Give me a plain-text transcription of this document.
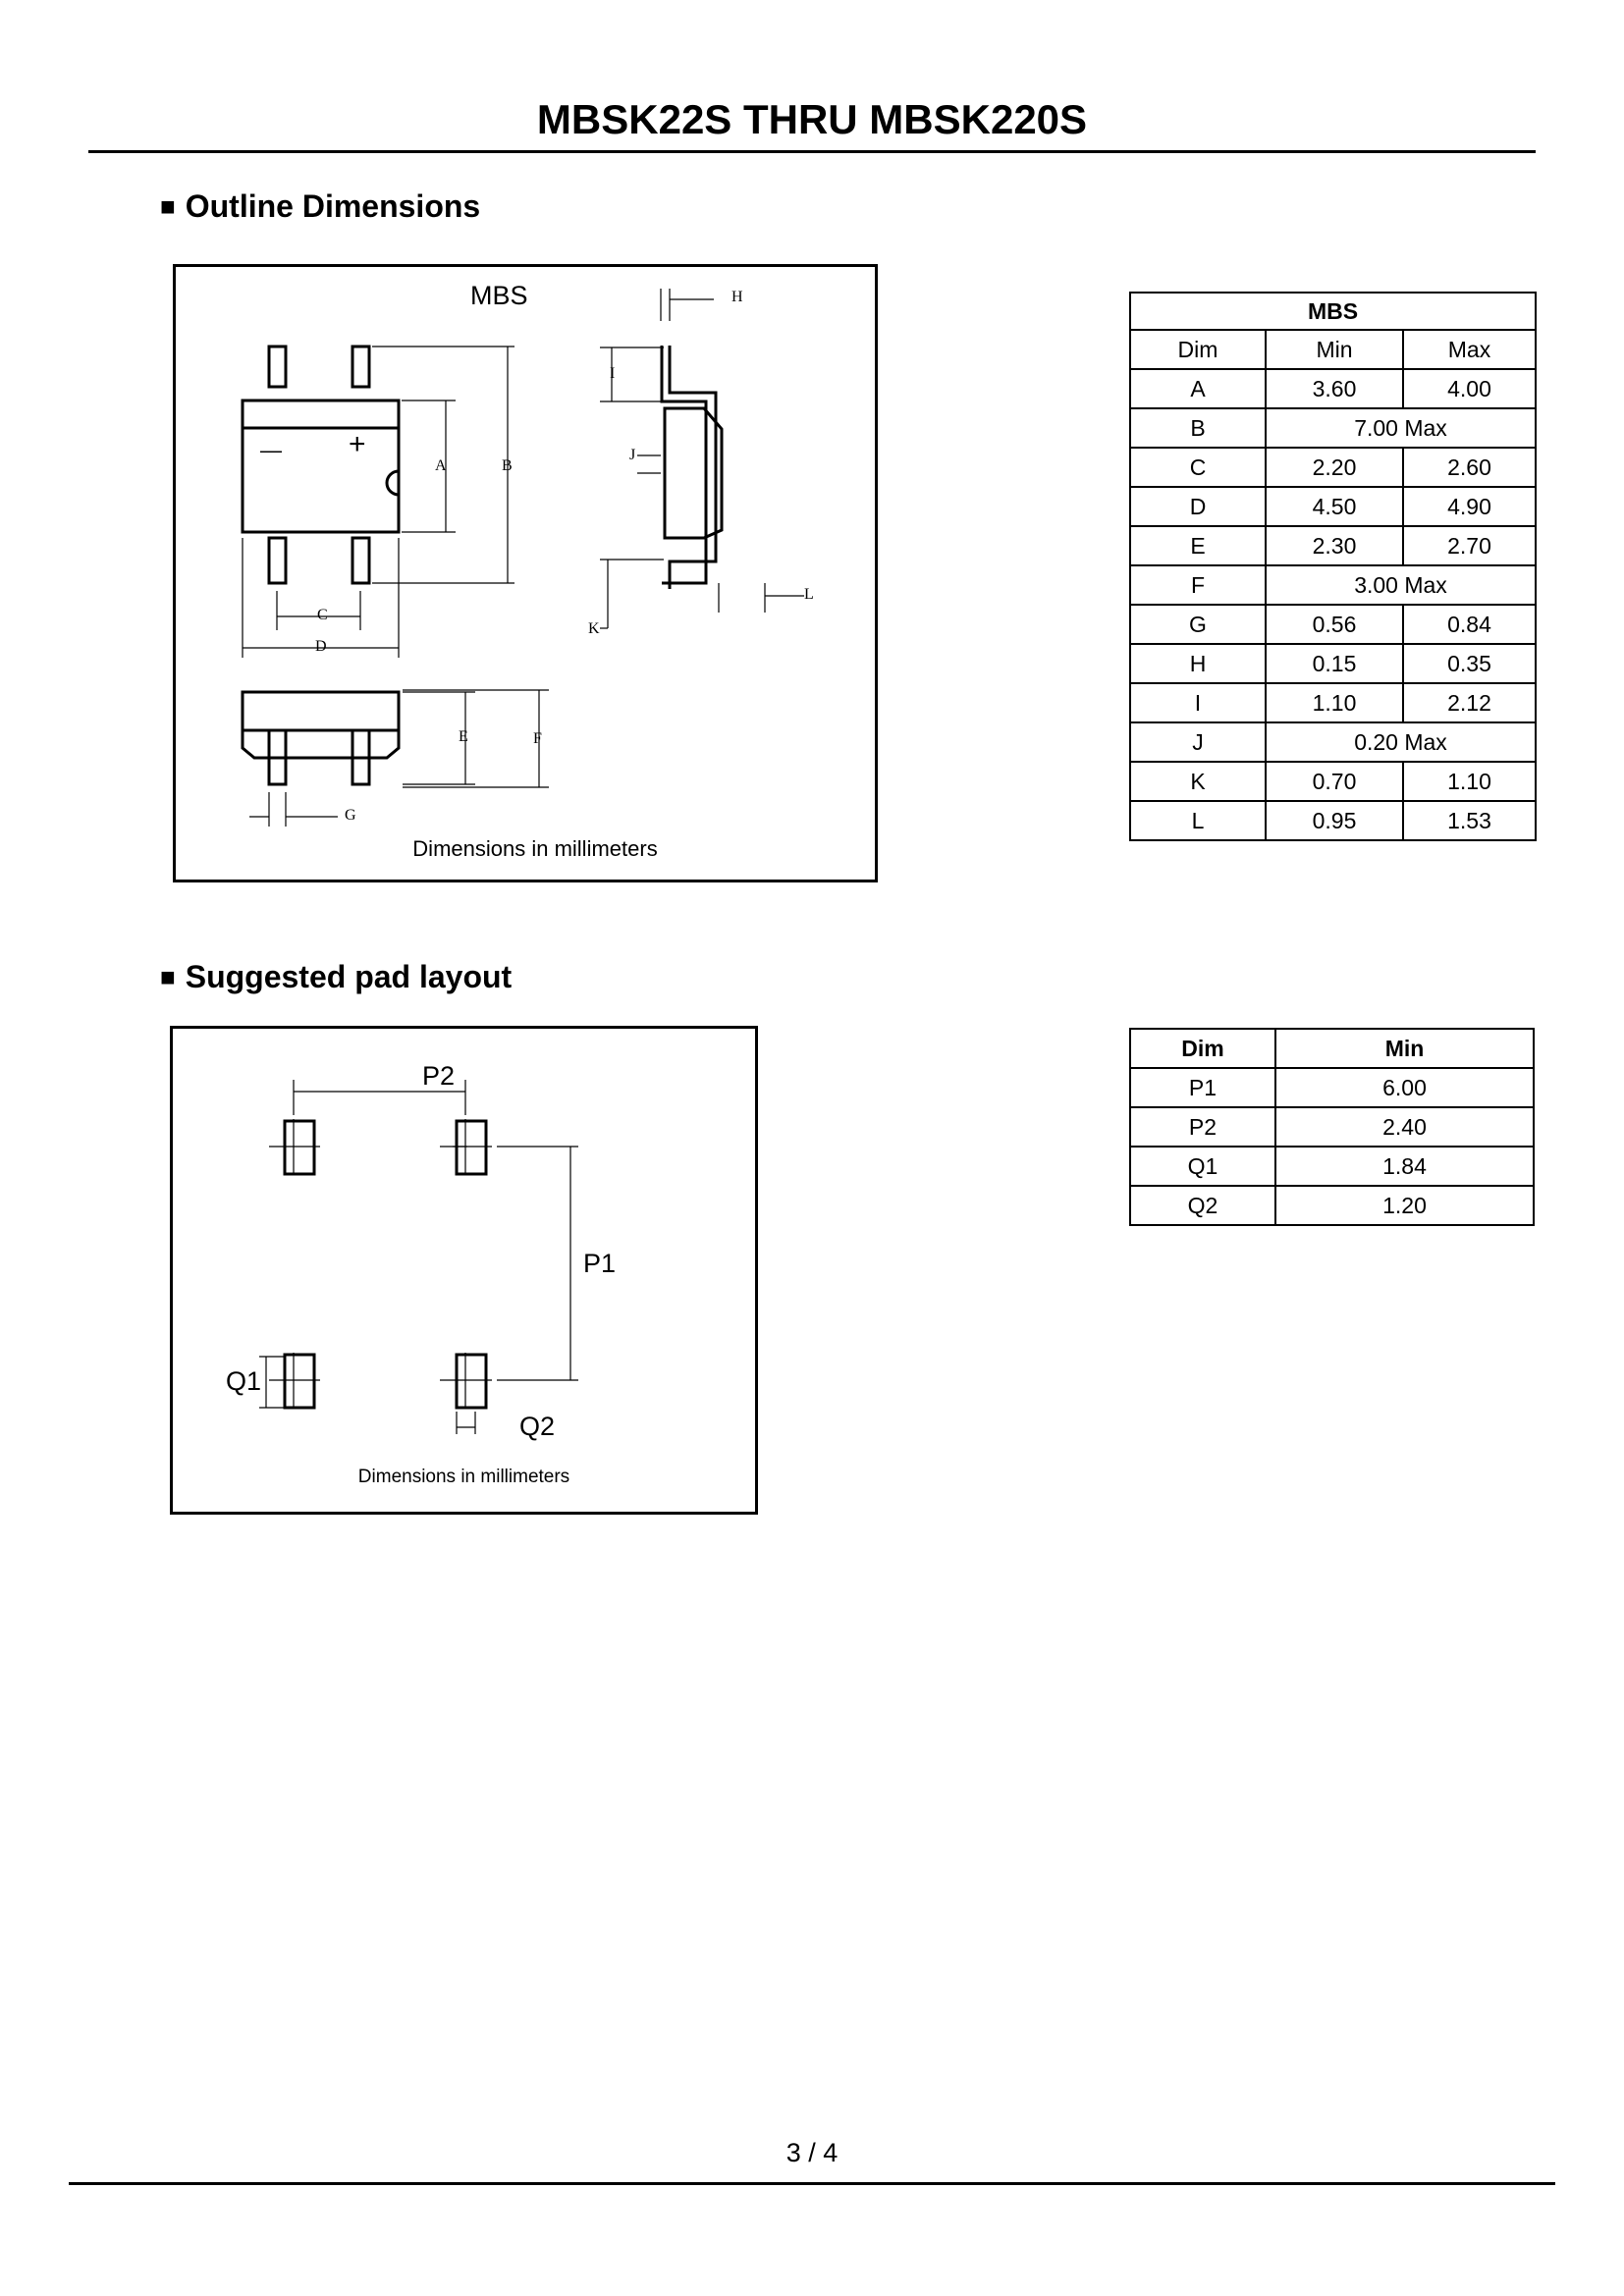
MBSK22S THRU MBSK220S
■ Outline Dimensions
MBS
— +
A	B
C
D
E	F
G
H
I
J
K
L
Dimensions in millimeters
MBS		
Dim	Min	Max
A	3.60	4.00
B	7.00 Max	
C	2.20	2.60
D	4.50	4.90
E	2.30	2.70
F	3.00 Max	
G	0.56	0.84
H	0.15	0.35
I	1.10	2.12
J	0.20 Max	
K	0.70	1.10
L	0.95	1.53
■ Suggested pad layout
P2
P1
Q1
Q2
Dimensions in millimeters
Dim	Min
P1	6.00
P2	2.40
Q1	1.84
Q2	1.20
3 / 4
